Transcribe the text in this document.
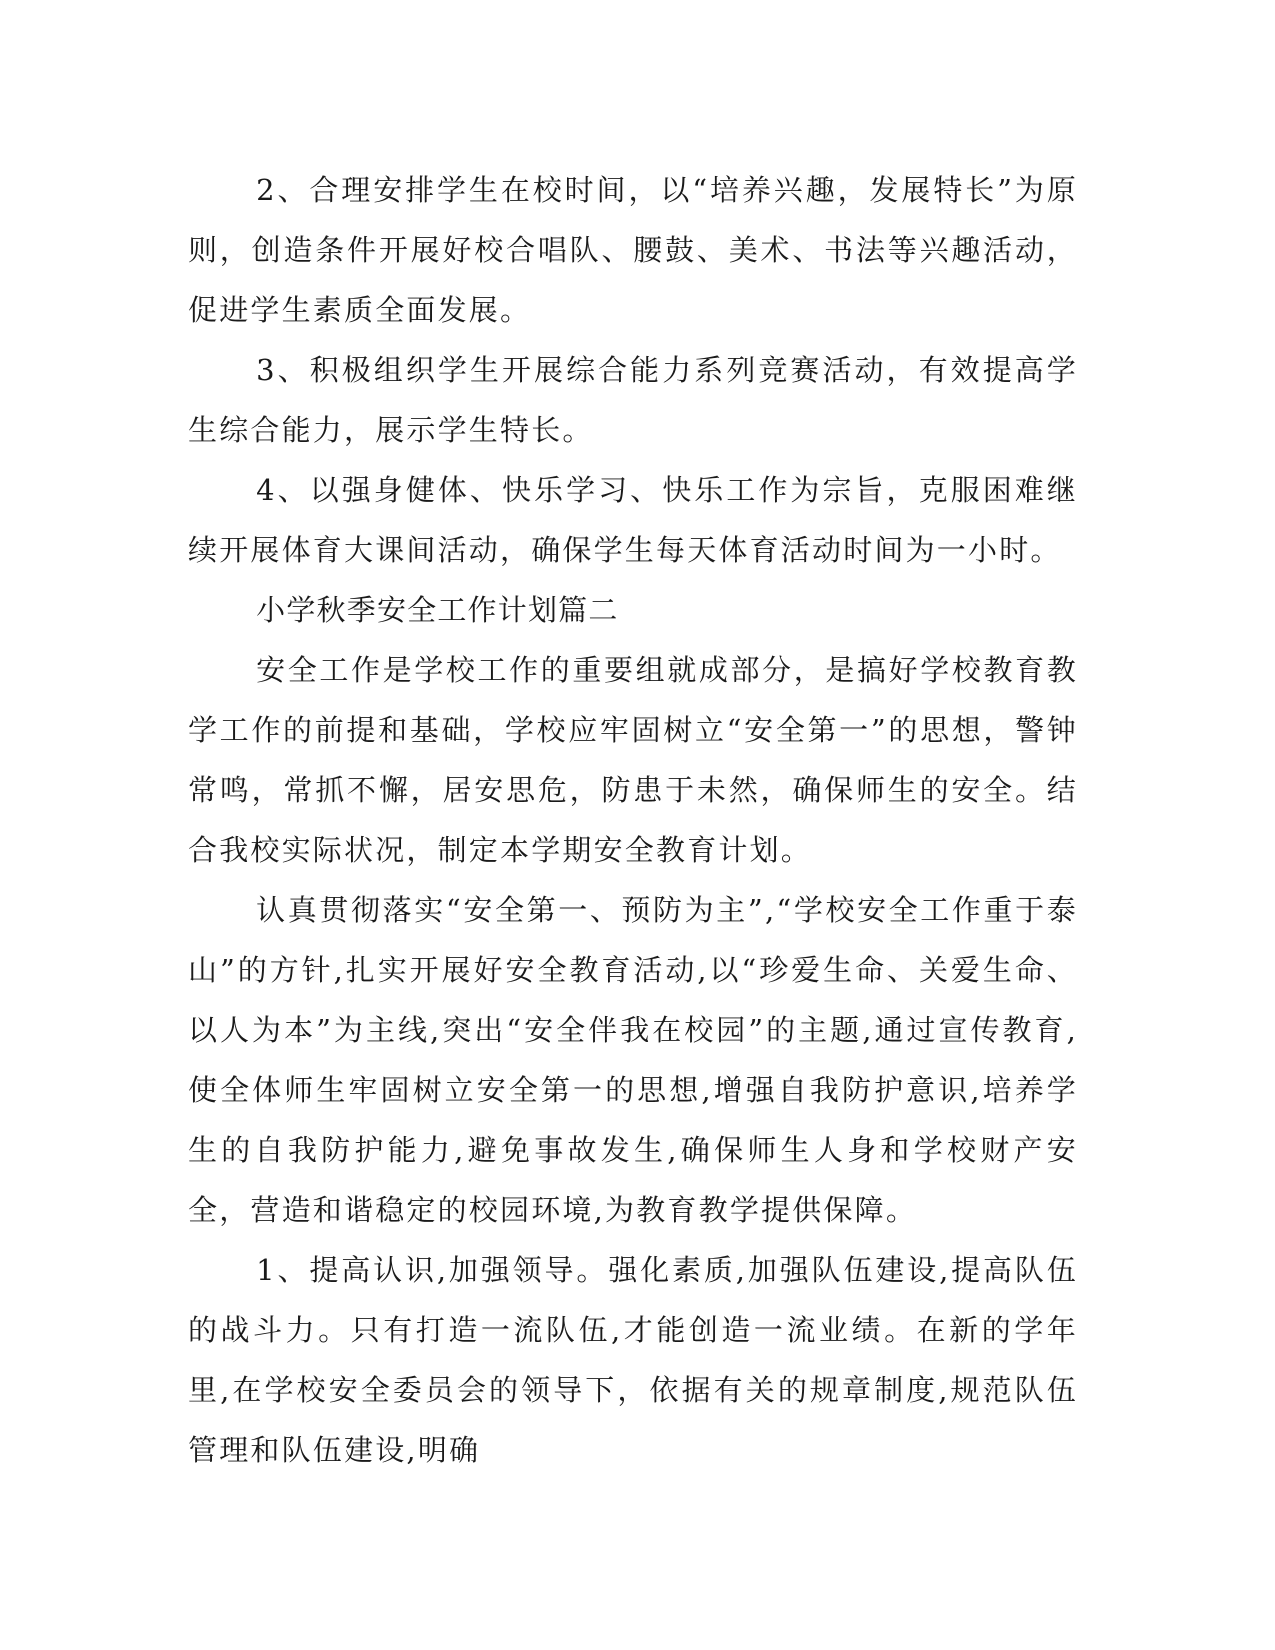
2、合理安排学生在校时间，以“培养兴趣，发展特长”为原则，创造条件开展好校合唱队、腰鼓、美术、书法等兴趣活动，促进学生素质全面发展。

3、积极组织学生开展综合能力系列竞赛活动，有效提高学生综合能力，展示学生特长。

4、以强身健体、快乐学习、快乐工作为宗旨，克服困难继续开展体育大课间活动，确保学生每天体育活动时间为一小时。

小学秋季安全工作计划篇二

安全工作是学校工作的重要组就成部分，是搞好学校教育教学工作的前提和基础，学校应牢固树立“安全第一”的思想，警钟常鸣，常抓不懈，居安思危，防患于未然，确保师生的安全。结合我校实际状况，制定本学期安全教育计划。

认真贯彻落实“安全第一、预防为主”,“学校安全工作重于泰山”的方针,扎实开展好安全教育活动,以“珍爱生命、关爱生命、以人为本”为主线,突出“安全伴我在校园”的主题,通过宣传教育,使全体师生牢固树立安全第一的思想,增强自我防护意识,培养学生的自我防护能力,避免事故发生,确保师生人身和学校财产安全，营造和谐稳定的校园环境,为教育教学提供保障。

1、提高认识,加强领导。强化素质,加强队伍建设,提高队伍的战斗力。只有打造一流队伍,才能创造一流业绩。在新的学年里,在学校安全委员会的领导下，依据有关的规章制度,规范队伍管理和队伍建设,明确
